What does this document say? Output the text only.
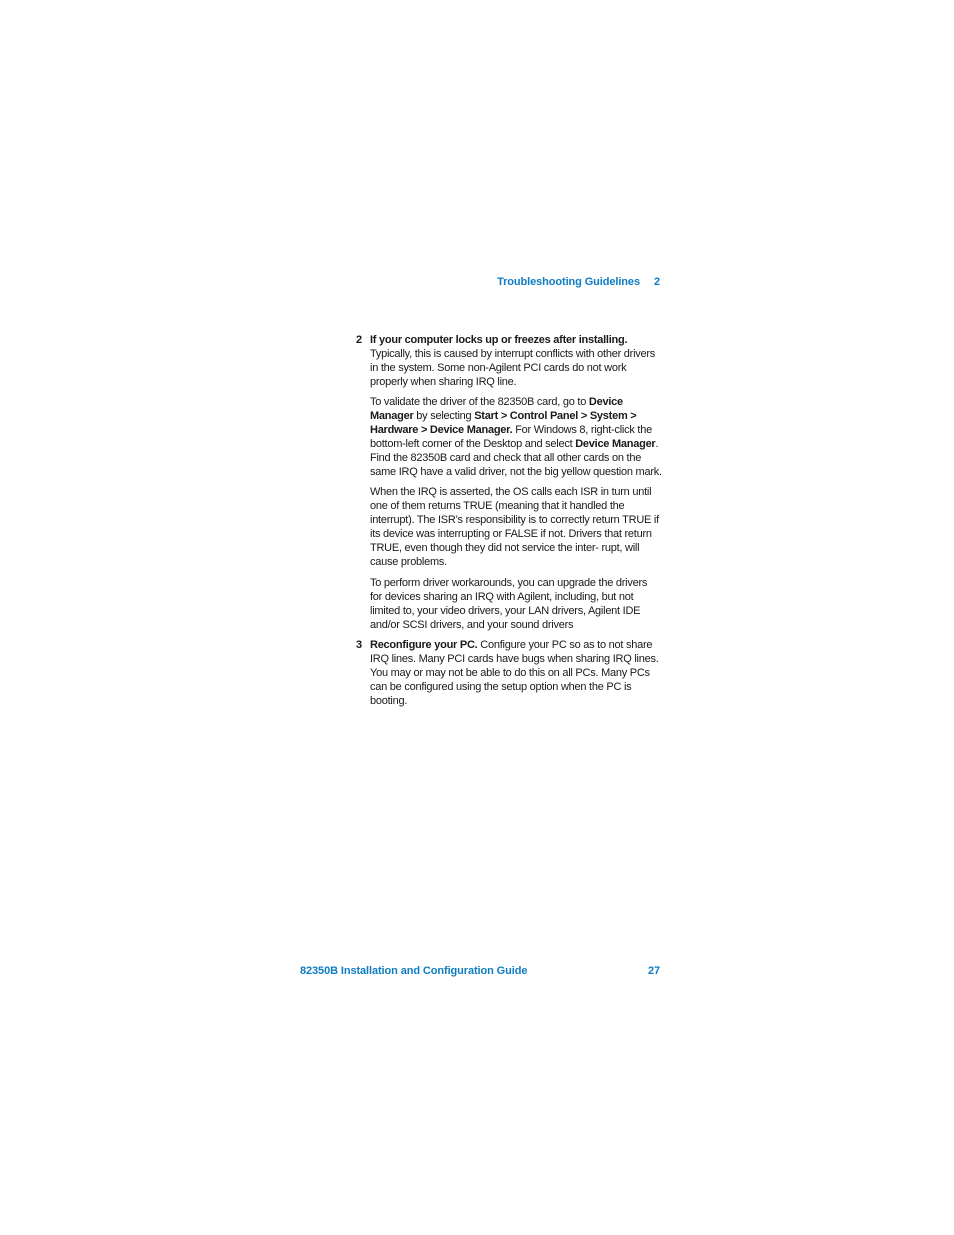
Troubleshooting Guidelines 2
2 If your computer locks up or freezes after installing.
Typically, this is caused by interrupt conflicts with other drivers in the system. Some non-Agilent PCI cards do not work properly when sharing IRQ line.

To validate the driver of the 82350B card, go to Device Manager by selecting Start > Control Panel > System > Hardware > Device Manager. For Windows 8, right-click the bottom-left corner of the Desktop and select Device Manager. Find the 82350B card and check that all other cards on the same IRQ have a valid driver, not the big yellow question mark.

When the IRQ is asserted, the OS calls each ISR in turn until one of them returns TRUE (meaning that it handled the interrupt). The ISR’s responsibility is to correctly return TRUE if its device was interrupting or FALSE if not. Drivers that return TRUE, even though they did not service the inter- rupt, will cause problems.

To perform driver workarounds, you can upgrade the drivers for devices sharing an IRQ with Agilent, including, but not limited to, your video drivers, your LAN drivers, Agilent IDE and/or SCSI drivers, and your sound drivers

3 Reconfigure your PC. Configure your PC so as to not share IRQ lines. Many PCI cards have bugs when sharing IRQ lines. You may or may not be able to do this on all PCs. Many PCs can be configured using the setup option when the PC is booting.

82350B Installation and Configuration Guide	27
